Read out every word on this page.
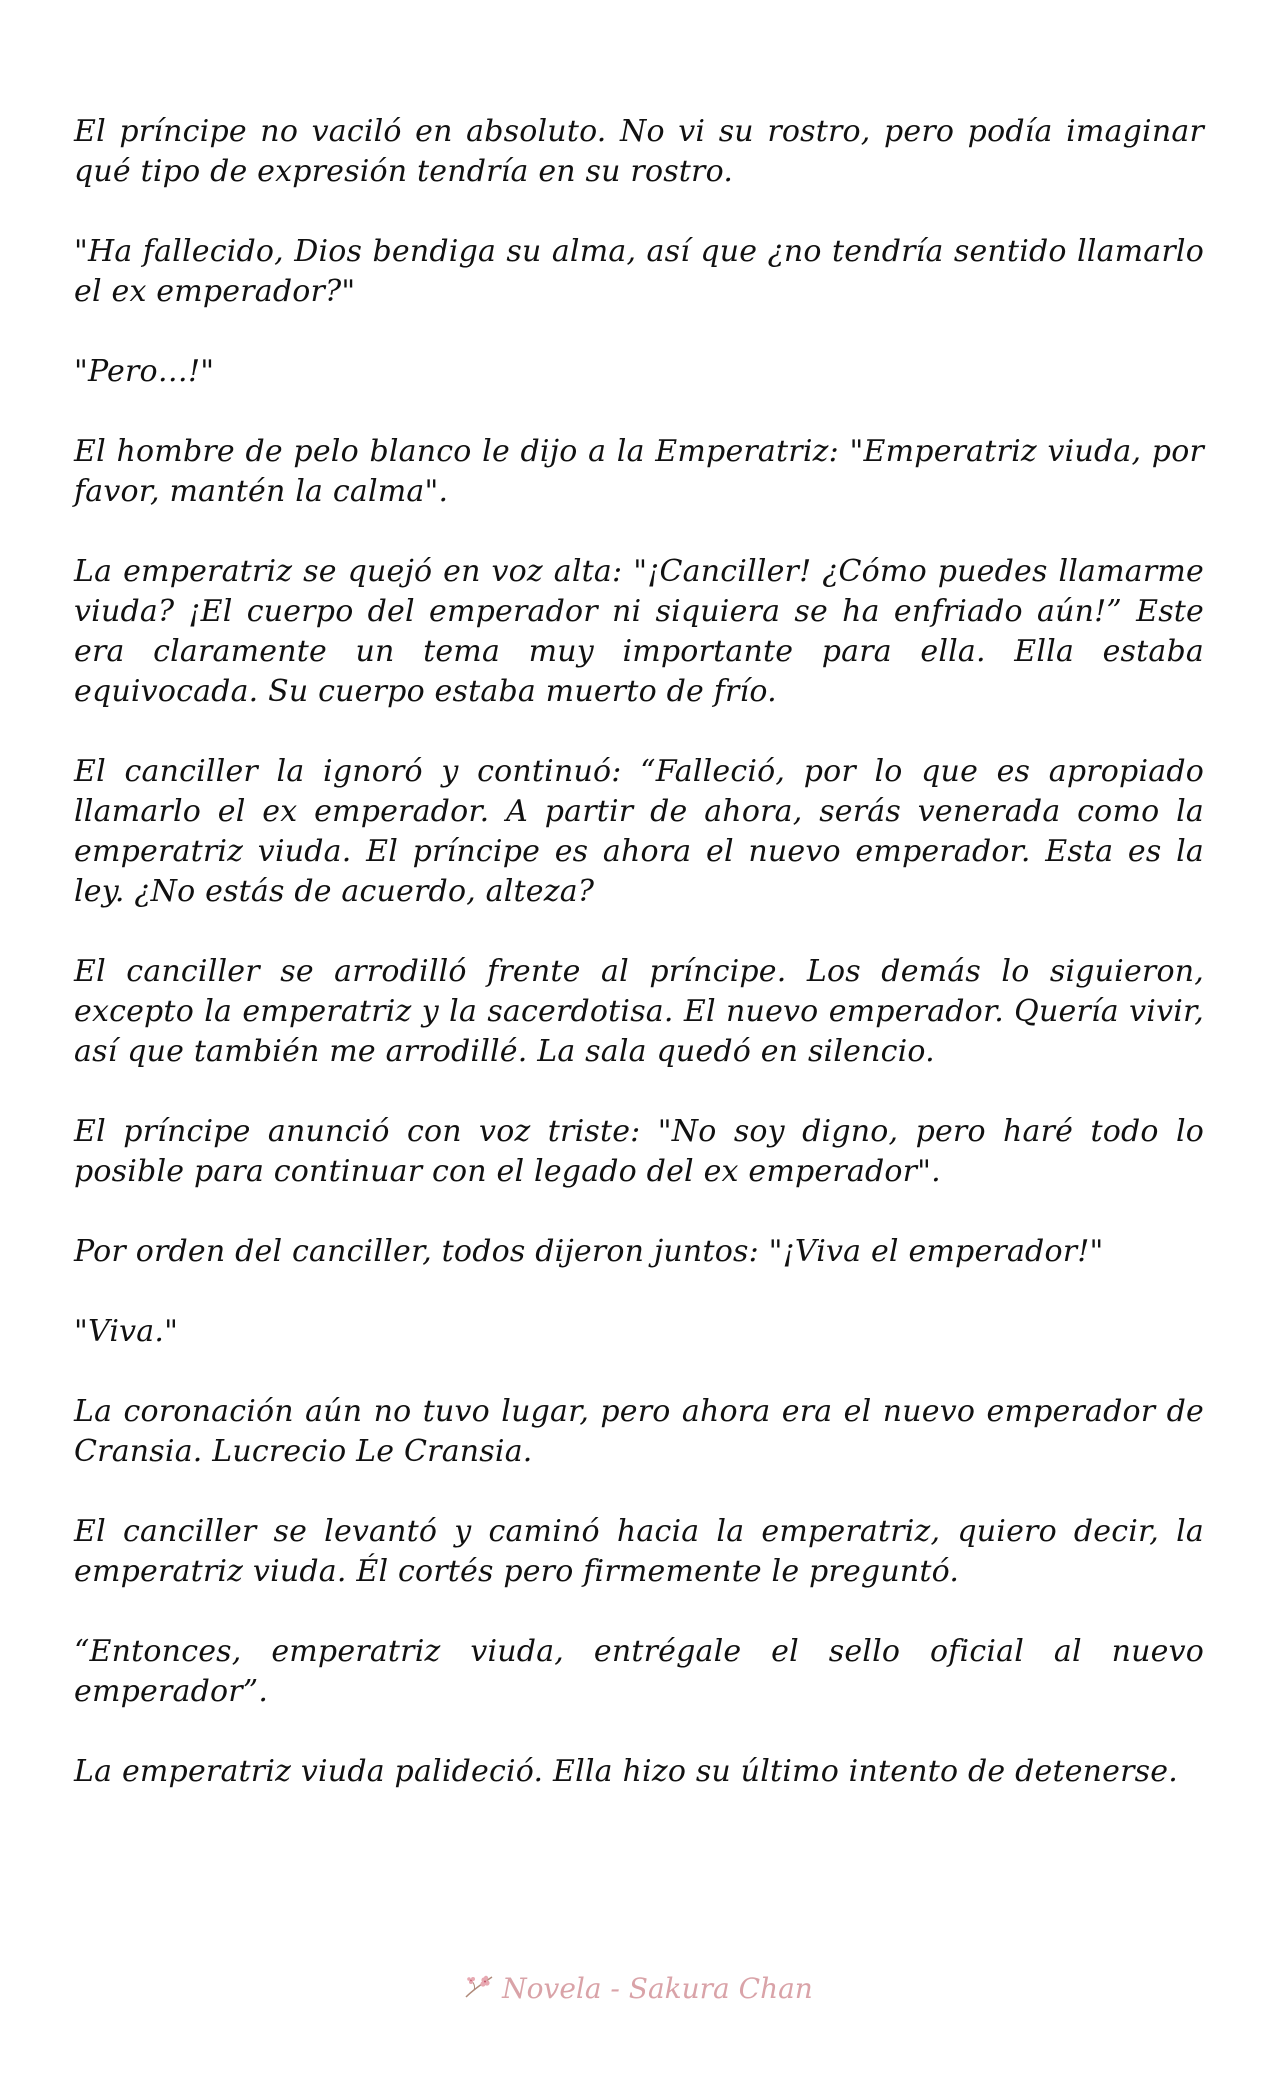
El príncipe no vaciló en absoluto. No vi su rostro, pero podía imaginar qué tipo de expresión tendría en su rostro.

"Ha fallecido, Dios bendiga su alma, así que ¿no tendría sentido llamarlo el ex emperador?"

"Pero…!"

El hombre de pelo blanco le dijo a la Emperatriz: "Emperatriz viuda, por favor, mantén la calma".

La emperatriz se quejó en voz alta: "¡Canciller! ¿Cómo puedes llamarme viuda? ¡El cuerpo del emperador ni siquiera se ha enfriado aún!” Este era claramente un tema muy importante para ella. Ella estaba equivocada. Su cuerpo estaba muerto de frío.

El canciller la ignoró y continuó: “Falleció, por lo que es apropiado llamarlo el ex emperador. A partir de ahora, serás venerada como la emperatriz viuda. El príncipe es ahora el nuevo emperador. Esta es la ley. ¿No estás de acuerdo, alteza?

El canciller se arrodilló frente al príncipe. Los demás lo siguieron, excepto la emperatriz y la sacerdotisa. El nuevo emperador. Quería vivir, así que también me arrodillé. La sala quedó en silencio.

El príncipe anunció con voz triste: "No soy digno, pero haré todo lo posible para continuar con el legado del ex emperador".

Por orden del canciller, todos dijeron juntos: "¡Viva el emperador!"

"Viva."

La coronación aún no tuvo lugar, pero ahora era el nuevo emperador de Cransia. Lucrecio Le Cransia.

El canciller se levantó y caminó hacia la emperatriz, quiero decir, la emperatriz viuda. Él cortés pero firmemente le preguntó.

“Entonces, emperatriz viuda, entrégale el sello oficial al nuevo emperador”.

La emperatriz viuda palideció. Ella hizo su último intento de detenerse.

Novela - Sakura Chan
